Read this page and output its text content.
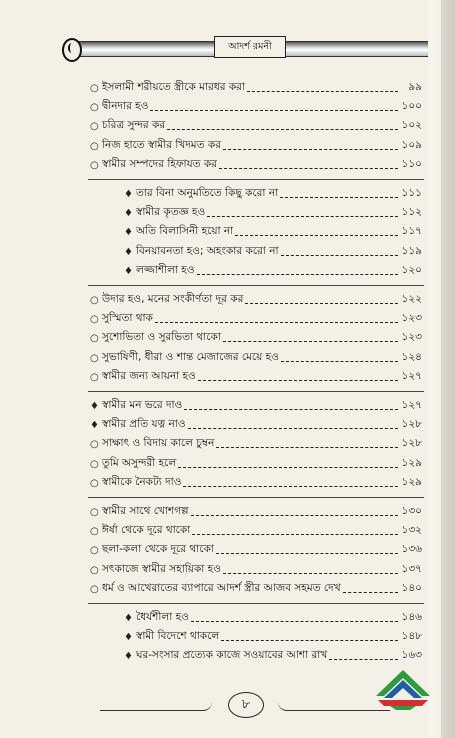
আদর্শ রমনী
○ ইসলামী শরীয়তে স্ত্রীকে মারধর করা	৯৯
○ দ্বীনদার হও	১০০
○ চরিত্র সুন্দর কর	১০২
○ নিজ হাতে স্বামীর খিদমত কর	১০৯
○ স্বামীর সম্পদের হিফাযত কর	১১০
♦ তার বিনা অনুমতিতে কিছু করো না	১১১
♦ স্বামীর কৃতজ্ঞ হও	১১২
♦ অতি বিলাসিনী হয়ো না	১১৭
♦ বিনয়াবনতা হও; অহংকার করো না	১১৯
♦ লজ্জাশীলা হও	১২০
○ উদার হও, মনের সংকীর্ণতা দূর কর	১২২
○ সুস্মিতা থাক	১২৩
○ সুশোভিতা ও সুরভিতা থাকো	১২৩
○ সুভাষিণী, ধীরা ও শান্ত মেজাজের মেয়ে হও	১২৪
○ স্বামীর জন্য আয়না হও	১২৭
♦ স্বামীর মন ভরে দাও	১২৭
♦ স্বামীর প্রতি যত্ন নাও	১২৮
○ সাক্ষাৎ ও বিদায় কালে চুম্বন	১২৮
○ তুমি অসুন্দরী হলে	১২৯
○ স্বামীকে নৈকট্য দাও	১২৯
○ স্বামীর সাথে খোশগল্প	১৩০
○ ঈর্ষা থেকে দূরে থাকো	১৩২
○ ছলা-কলা থেকে দূরে থাকো	১৩৬
○ সৎকাজে স্বামীর সহায়িকা হও	১৩৭
○ ধর্ম ও আখেরাতের ব্যাপারে আদর্শ স্ত্রীর আজব সহমত দেখ	১৪০
♦ ধৈর্যশীলা হও	১৪৬
♦ স্বামী বিদেশে থাকলে	১৪৮
♦ ঘর-সংসার প্রত্যেক কাজে সওয়াবের আশা রাখ	১৬৩
৮
